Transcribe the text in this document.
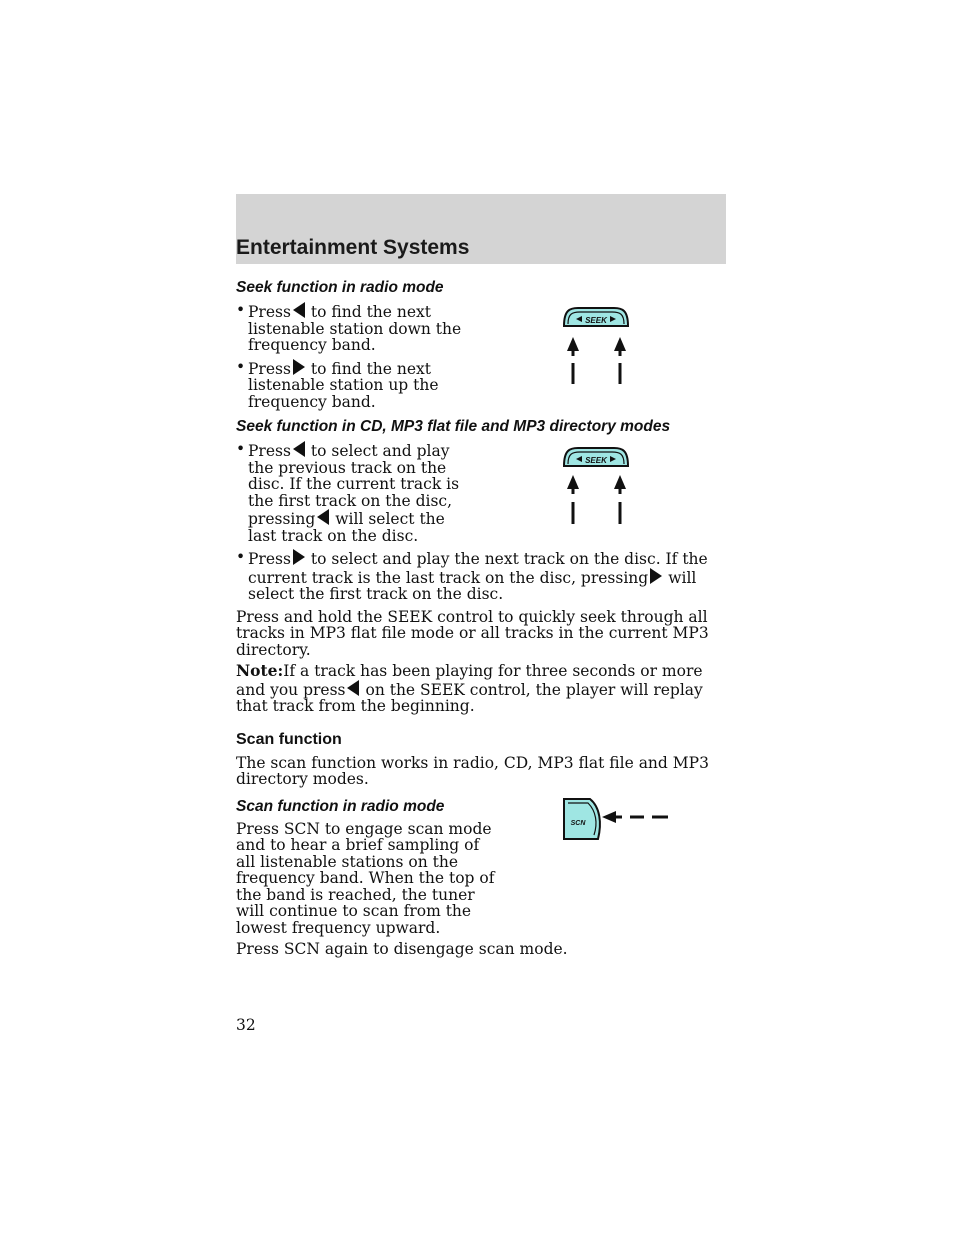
Entertainment Systems
Seek function in radio mode
• Press to find the next listenable station down the frequency band.
• Press to find the next listenable station up the frequency band.
Seek function in CD, MP3 flat file and MP3 directory modes
• Press to select and play the previous track on the disc. If the current track is the first track on the disc, pressing will select the last track on the disc.
• Press to select and play the next track on the disc. If the current track is the last track on the disc, pressing will select the first track on the disc.

Press and hold the SEEK control to quickly seek through all tracks in MP3 flat file mode or all tracks in the current MP3 directory.

Note:If a track has been playing for three seconds or more and you press on the SEEK control, the player will replay that track from the beginning.

Scan function

The scan function works in radio, CD, MP3 flat file and MP3 directory modes.

Scan function in radio mode

Press SCN to engage scan mode and to hear a brief sampling of all listenable stations on the frequency band. When the top of the band is reached, the tuner will continue to scan from the lowest frequency upward.

Press SCN again to disengage scan mode.

SEEK
SEEK
SCN
32
